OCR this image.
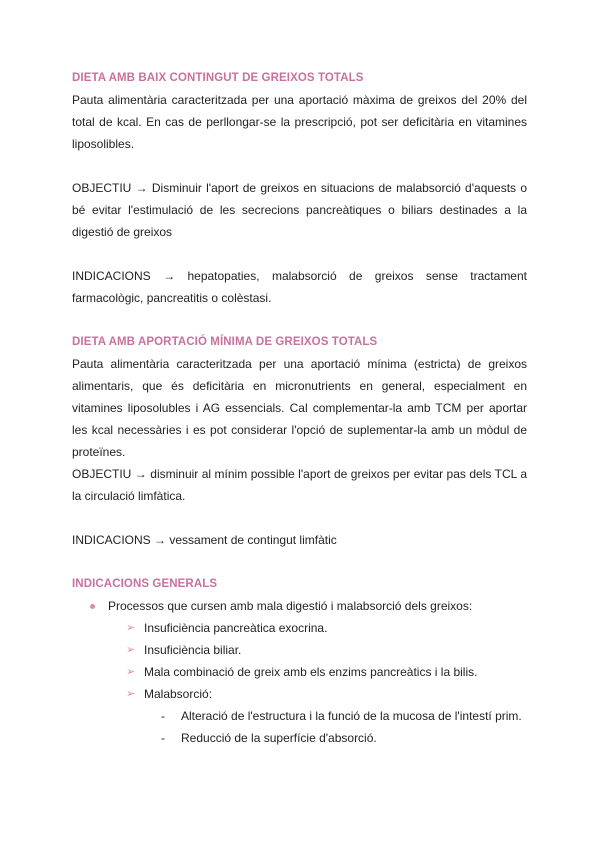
DIETA AMB BAIX CONTINGUT DE GREIXOS TOTALS

Pauta alimentària caracteritzada per una aportació màxima de greixos del 20% del total de kcal. En cas de perllongar-se la prescripció, pot ser deficitària en vitamines liposolibles.

OBJECTIU → Disminuir l'aport de greixos en situacions de malabsorció d'aquests o bé evitar l'estimulació de les secrecions pancreàtiques o biliars destinades a la digestió de greixos

INDICACIONS → hepatopaties, malabsorció de greixos sense tractament farmacològic, pancreatitis o colèstasi.

DIETA AMB APORTACIÓ MÍNIMA DE GREIXOS TOTALS

Pauta alimentària caracteritzada per una aportació mínima (estricta) de greixos alimentaris, que és deficitària en micronutrients en general, especialment en vitamines liposolubles i AG essencials. Cal complementar-la amb TCM per aportar les kcal necessàries i es pot considerar l'opció de suplementar-la amb un mòdul de proteïnes.

OBJECTIU → disminuir al mínim possible l'aport de greixos per evitar pas dels TCL a la circulació limfàtica.

INDICACIONS → vessament de contingut limfàtic

INDICACIONS GENERALS

Processos que cursen amb mala digestió i malabsorció dels greixos:
➢ Insuficiència pancreàtica exocrina.
➢ Insuficiència biliar.
➢ Mala combinació de greix amb els enzims pancreàtics i la bilis.
➢ Malabsorció:
- Alteració de l'estructura i la funció de la mucosa de l'intestí prim.
- Reducció de la superfície d'absorció.
